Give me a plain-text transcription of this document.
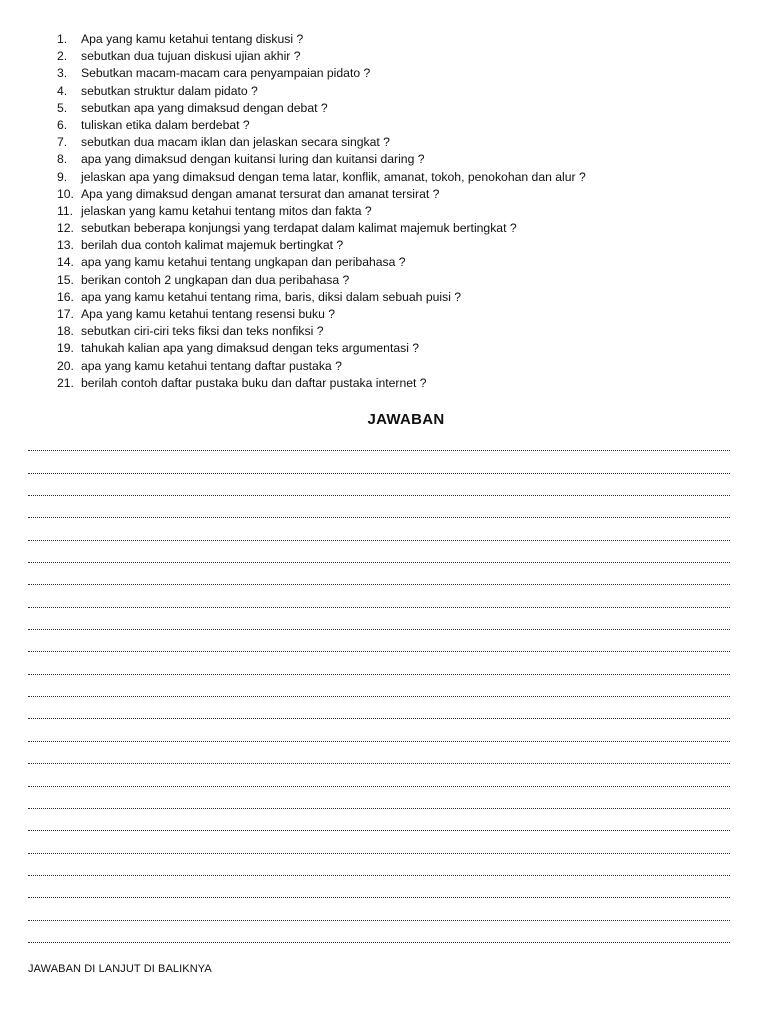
1.	Apa yang kamu ketahui tentang diskusi ?
2.	sebutkan dua tujuan diskusi ujian akhir ?
3.	Sebutkan macam-macam cara penyampaian pidato ?
4.	sebutkan struktur dalam pidato ?
5.	sebutkan apa yang dimaksud dengan debat ?
6.	tuliskan etika dalam berdebat ?
7.	sebutkan dua macam iklan dan jelaskan secara singkat ?
8.	apa yang dimaksud dengan kuitansi luring dan kuitansi daring ?
9.	jelaskan apa yang dimaksud dengan tema latar, konflik, amanat, tokoh, penokohan dan alur ?
10. Apa yang dimaksud dengan amanat tersurat dan amanat tersirat ?
11. jelaskan yang kamu ketahui tentang mitos dan fakta ?
12. sebutkan beberapa konjungsi yang terdapat dalam kalimat majemuk bertingkat ?
13. berilah dua contoh kalimat majemuk bertingkat ?
14. apa yang kamu ketahui tentang ungkapan dan peribahasa ?
15. berikan contoh 2 ungkapan dan dua peribahasa ?
16. apa yang kamu ketahui tentang rima, baris, diksi dalam sebuah puisi ?
17. Apa yang kamu ketahui tentang resensi buku ?
18. sebutkan ciri-ciri teks fiksi dan teks nonfiksi ?
19. tahukah kalian apa yang dimaksud dengan teks argumentasi ?
20. apa yang kamu ketahui tentang daftar pustaka ?
21. berilah contoh daftar pustaka buku dan daftar pustaka internet ?
JAWABAN
JAWABAN DI LANJUT DI BALIKNYA
